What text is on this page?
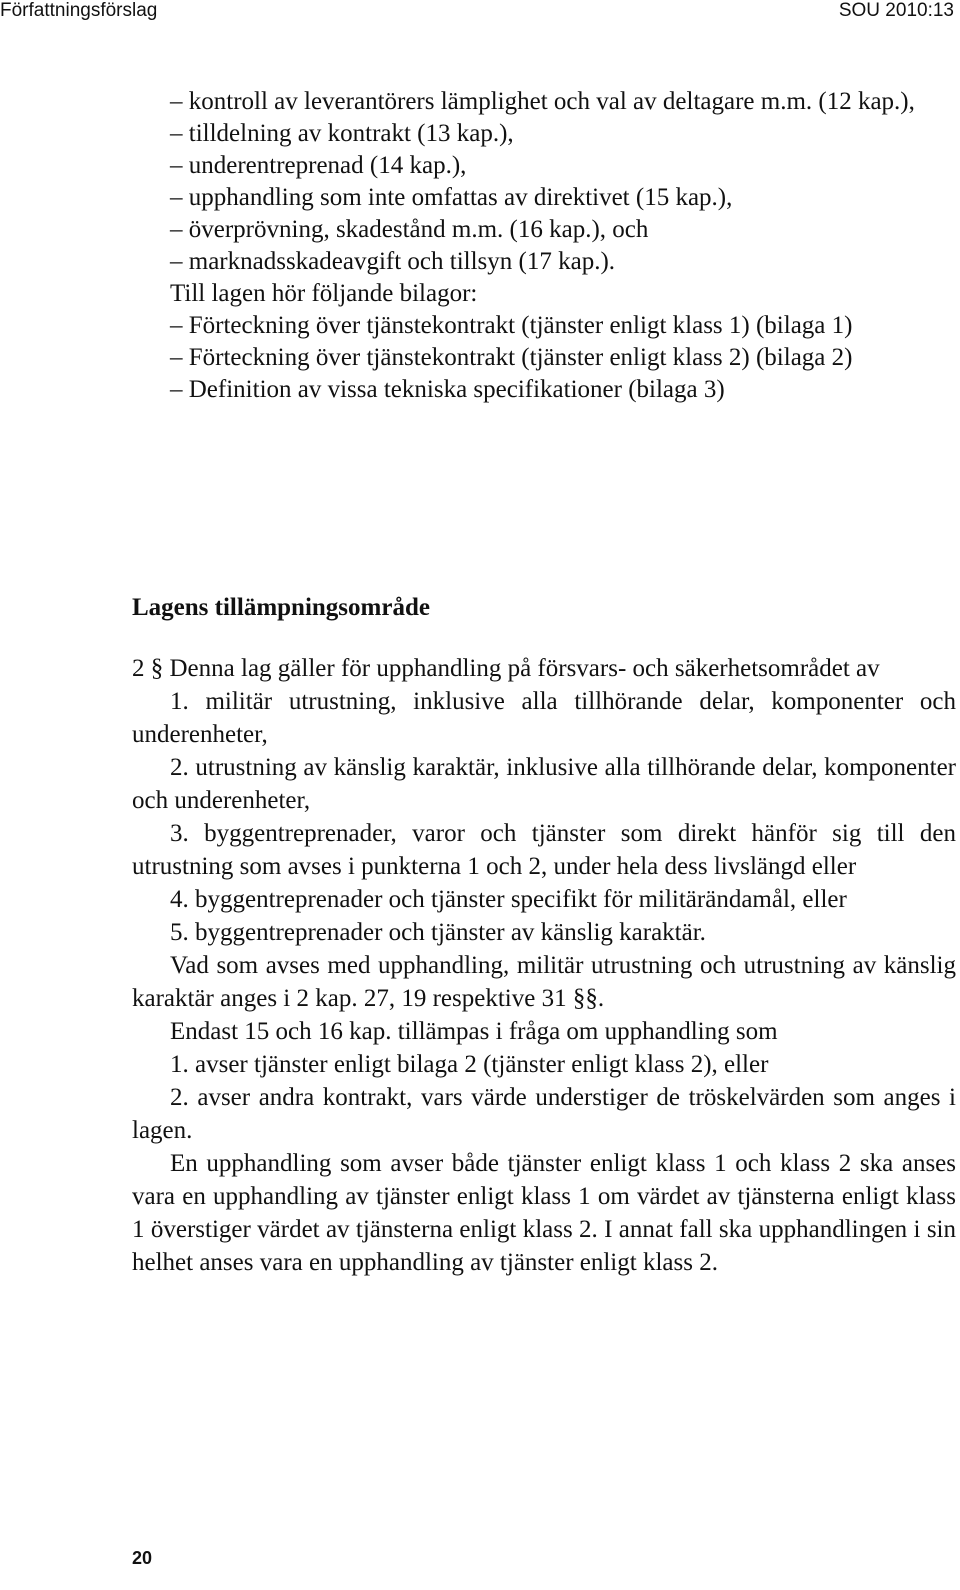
Författningsförslag	SOU 2010:13

– kontroll av leverantörers lämplighet och val av deltagare m.m. (12 kap.),

– tilldelning av kontrakt (13 kap.),

– underentreprenad (14 kap.),

– upphandling som inte omfattas av direktivet (15 kap.),

– överprövning, skadestånd m.m. (16 kap.), och

– marknadsskadeavgift och tillsyn (17 kap.).

Till lagen hör följande bilagor:

– Förteckning över tjänstekontrakt (tjänster enligt klass 1) (bilaga 1)

– Förteckning över tjänstekontrakt (tjänster enligt klass 2) (bilaga 2)

– Definition av vissa tekniska specifikationer (bilaga 3)

Lagens tillämpningsområde

2 § Denna lag gäller för upphandling på försvars- och säkerhetsområdet av

1. militär utrustning, inklusive alla tillhörande delar, komponenter och underenheter,

2. utrustning av känslig karaktär, inklusive alla tillhörande delar, komponenter och underenheter,

3. byggentreprenader, varor och tjänster som direkt hänför sig till den utrustning som avses i punkterna 1 och 2, under hela dess livslängd eller

4. byggentreprenader och tjänster specifikt för militärändamål, eller

5. byggentreprenader och tjänster av känslig karaktär.

Vad som avses med upphandling, militär utrustning och utrustning av känslig karaktär anges i 2 kap. 27, 19 respektive 31 §§.

Endast 15 och 16 kap. tillämpas i fråga om upphandling som

1. avser tjänster enligt bilaga 2 (tjänster enligt klass 2), eller

2. avser andra kontrakt, vars värde understiger de tröskelvärden som anges i lagen.

En upphandling som avser både tjänster enligt klass 1 och klass 2 ska anses vara en upphandling av tjänster enligt klass 1 om värdet av tjänsterna enligt klass 1 överstiger värdet av tjänsterna enligt klass 2. I annat fall ska upphandlingen i sin helhet anses vara en upphandling av tjänster enligt klass 2.

20
